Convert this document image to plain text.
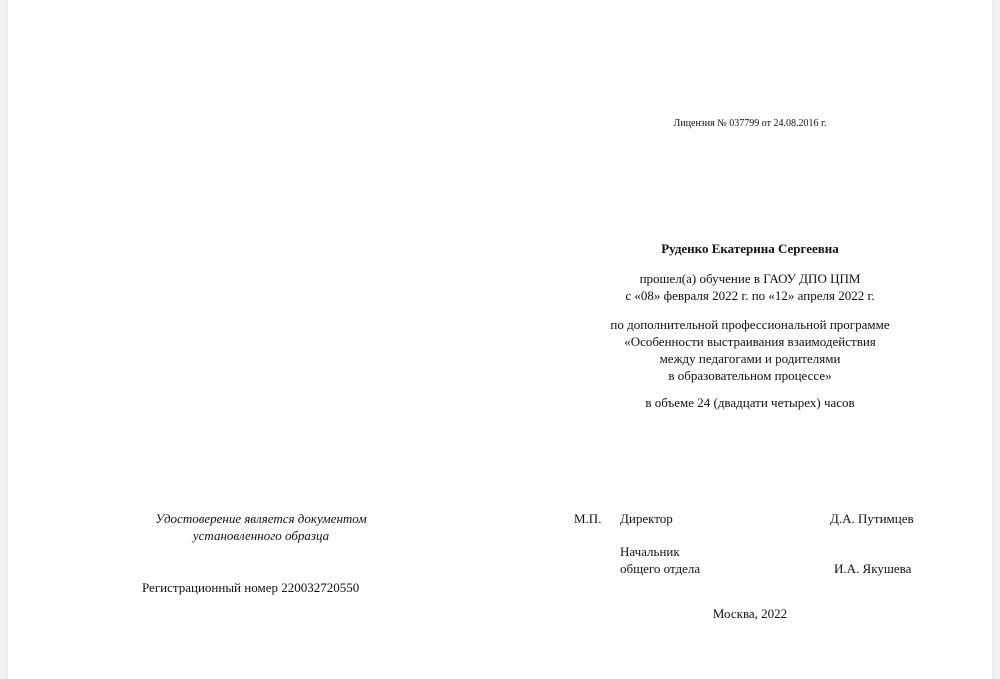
Лицензия № 037799 от 24.08.2016 г.
Руденко Екатерина Сергеевна
прошел(а) обучение в ГАОУ ДПО ЦПМ
с «08» февраля 2022 г. по «12» апреля 2022 г.
по дополнительной профессиональной программе
«Особенности выстраивания взаимодействия
между педагогами и родителями
в образовательном процессе»
в объеме 24 (двадцати четырех) часов
Удостоверение является документом
установленного образца
Регистрационный номер 220032720550
М.П. Директор	Д.А. Путимцев
Начальник
общего отдела	И.А. Якушева
Москва, 2022
